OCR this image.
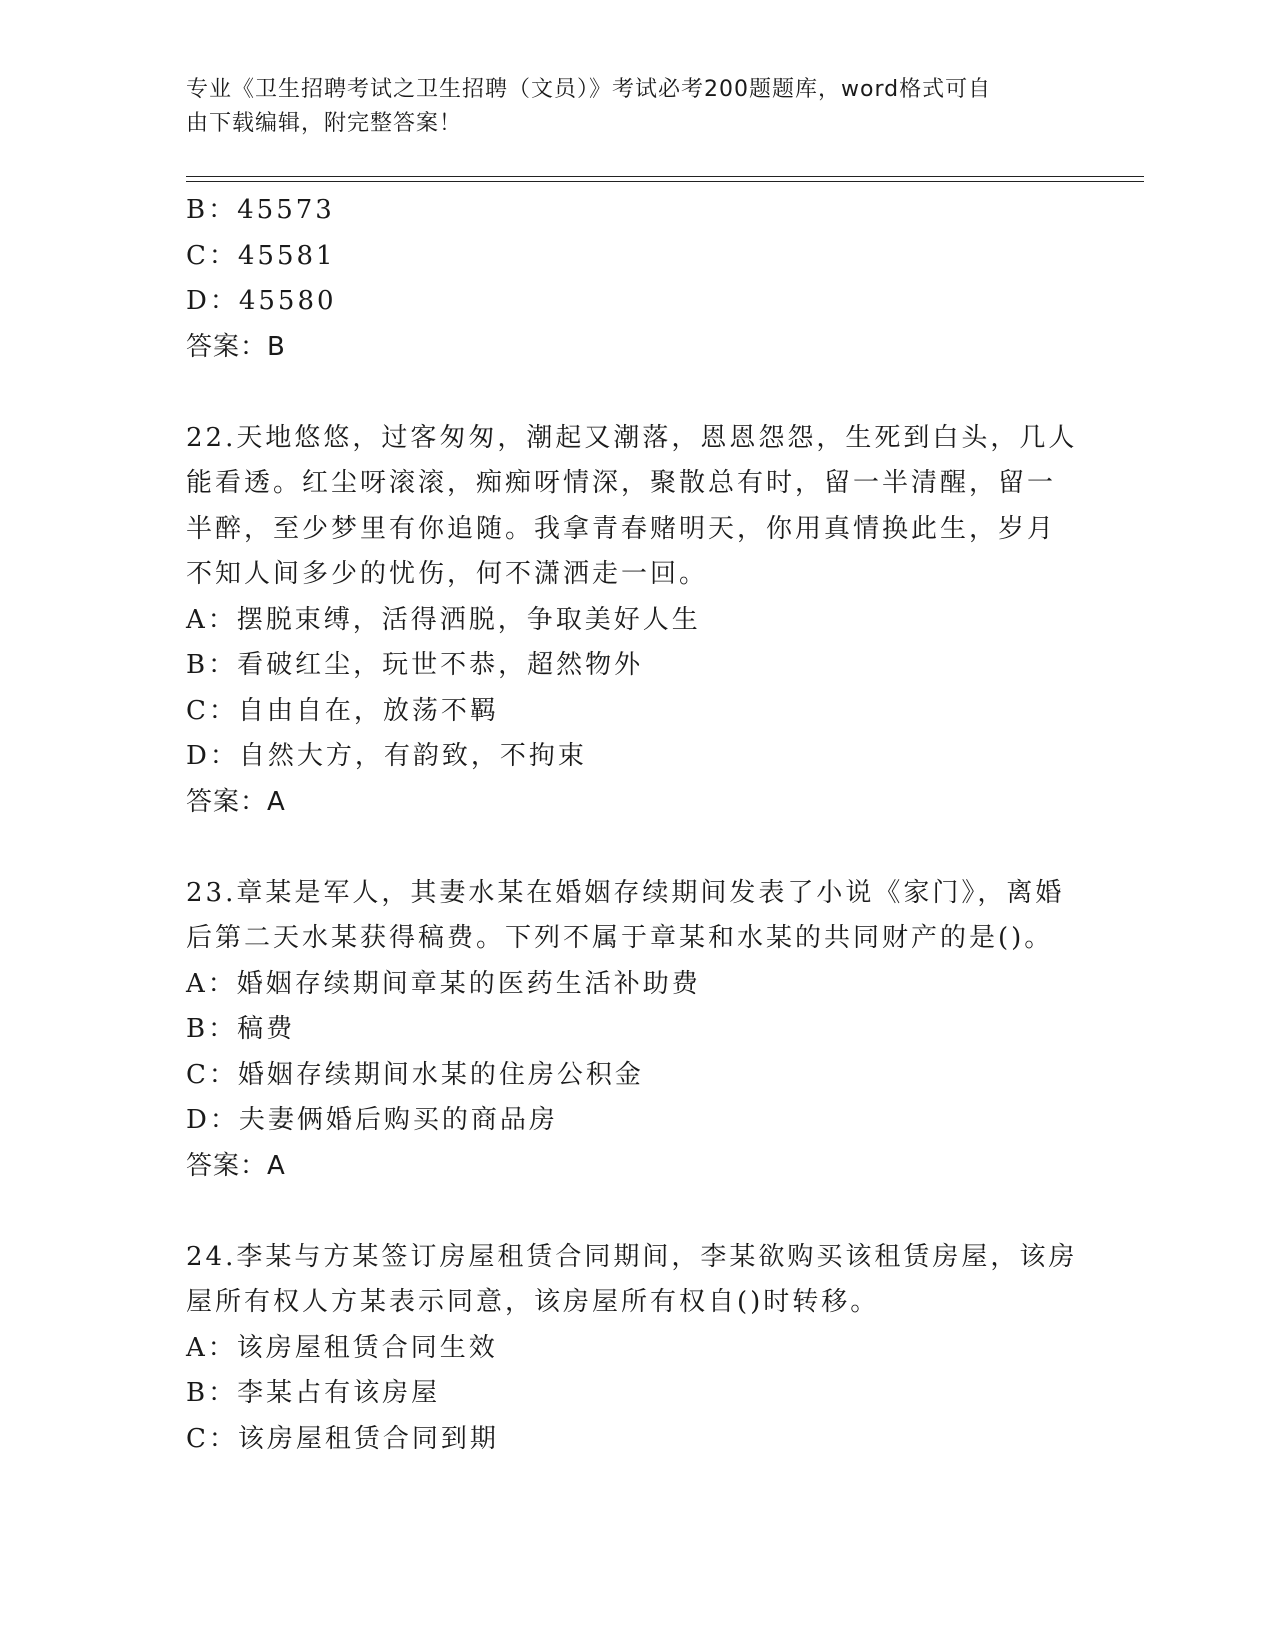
专业《卫生招聘考试之卫生招聘（文员）》考试必考200题题库，word格式可自
由下载编辑，附完整答案！
B：45573
C：45581
D：45580
答案：B
22.天地悠悠，过客匆匆，潮起又潮落，恩恩怨怨，生死到白头，几人
能看透。红尘呀滚滚，痴痴呀情深，聚散总有时，留一半清醒，留一
半醉，至少梦里有你追随。我拿青春赌明天，你用真情换此生，岁月
不知人间多少的忧伤，何不潇洒走一回。
A：摆脱束缚，活得洒脱，争取美好人生
B：看破红尘，玩世不恭，超然物外
C：自由自在，放荡不羁
D：自然大方，有韵致，不拘束
答案：A
23.章某是军人，其妻水某在婚姻存续期间发表了小说《家门》，离婚
后第二天水某获得稿费。下列不属于章某和水某的共同财产的是()。
A：婚姻存续期间章某的医药生活补助费
B：稿费
C：婚姻存续期间水某的住房公积金
D：夫妻俩婚后购买的商品房
答案：A
24.李某与方某签订房屋租赁合同期间，李某欲购买该租赁房屋，该房
屋所有权人方某表示同意，该房屋所有权自()时转移。
A：该房屋租赁合同生效
B：李某占有该房屋
C：该房屋租赁合同到期
